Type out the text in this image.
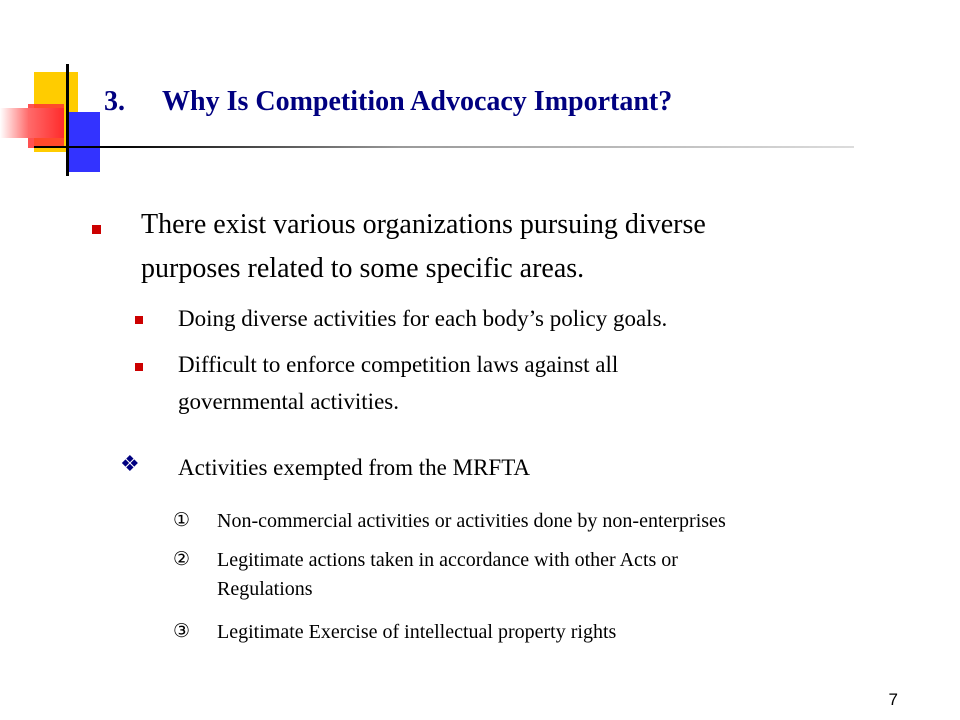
3. Why Is Competition Advocacy Important?
There exist various organizations pursuing diverse
purposes related to some specific areas.
Doing diverse activities for each body’s policy goals.
Difficult to enforce competition laws against all
governmental activities.
❖ Activities exempted from the MRFTA
① Non-commercial activities or activities done by non-enterprises
② Legitimate actions taken in accordance with other Acts or
Regulations
③ Legitimate Exercise of intellectual property rights
7
